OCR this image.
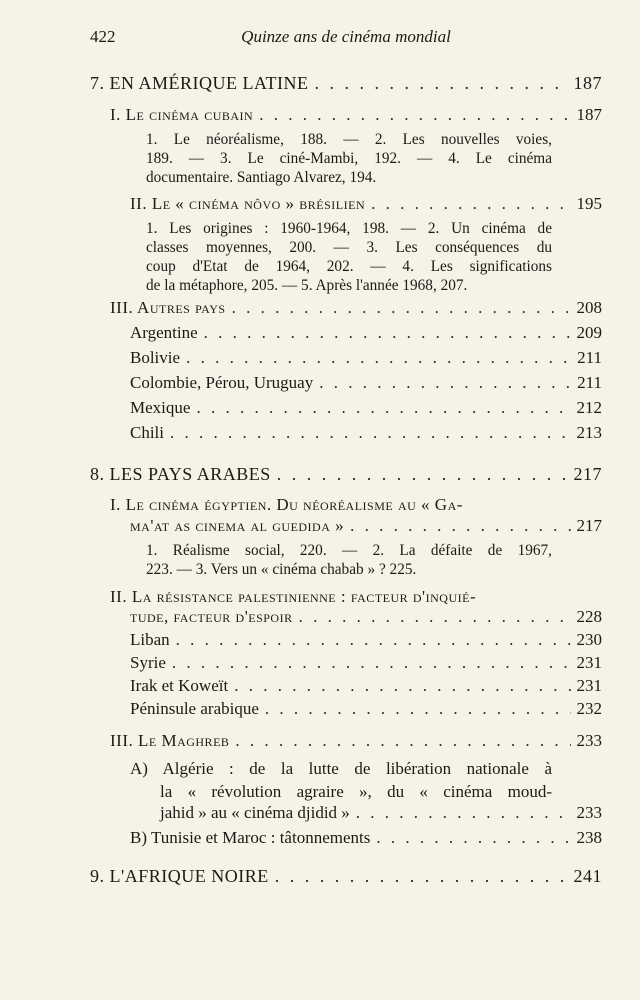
422	Quinze ans de cinéma mondial
7. EN AMÉRIQUE LATINE . . .	187
I. Le cinéma cubain . . .	187
1. Le néoréalisme, 188. — 2. Les nouvelles voies,
189. — 3. Le ciné-Mambi, 192. — 4. Le cinéma
documentaire. Santiago Alvarez, 194.
II. Le « cinéma nôvo » brésilien . . .	195
1. Les origines : 1960-1964, 198. — 2. Un cinéma de
classes moyennes, 200. — 3. Les conséquences du
coup d'Etat de 1964, 202. — 4. Les significations
de la métaphore, 205. — 5. Après l'année 1968, 207.
III. Autres pays . . .	208
Argentine . . .	209
Bolivie . . .	211
Colombie, Pérou, Uruguay . . .	211
Mexique . . .	212
Chili . . .	213
8. LES PAYS ARABES . . .	217
I. Le cinéma égyptien. Du néoréalisme au « Ga-
ma'at as cinema al guedida » . . .	217
1. Réalisme social, 220. — 2. La défaite de 1967,
223. — 3. Vers un « cinéma chabab » ? 225.
II. La résistance palestinienne : facteur d'inquié-
tude, facteur d'espoir . . .	228
Liban . . .	230
Syrie . . .	231
Irak et Koweït . . .	231
Péninsule arabique . . .	232
III. Le Maghreb . . .	233
A) Algérie : de la lutte de libération nationale à
la « révolution agraire », du « cinéma moud-
jahid » au « cinéma djidid » . . .	233
B) Tunisie et Maroc : tâtonnements . . .	238
9. L'AFRIQUE NOIRE . . .	241
